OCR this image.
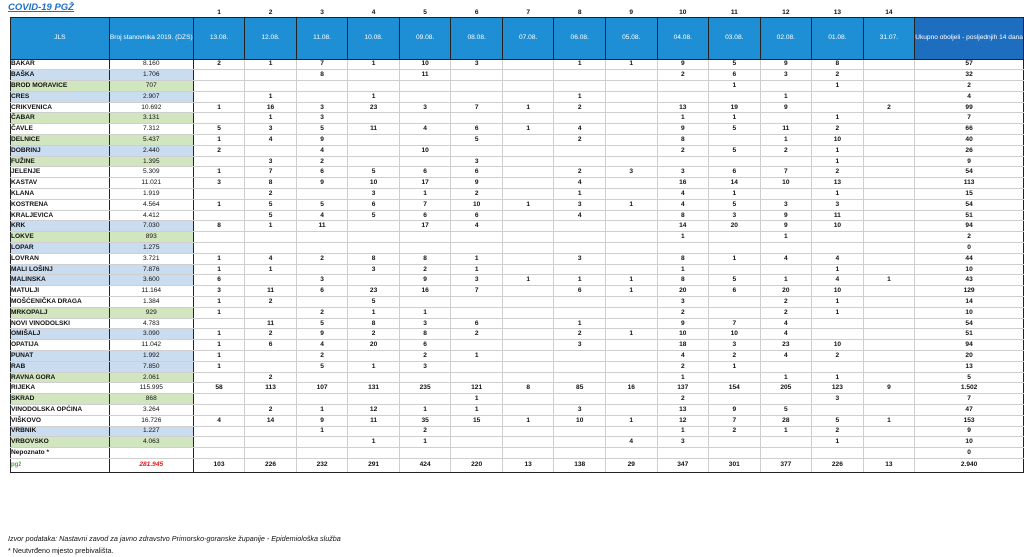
COVID-19 PGŽ
			1	2	3	4	5	6	7	8	9	10	11	12	13	14	
JLS	Broj stanovnika 2019. (DZS)	13.08.	12.08.	11.08.	10.08.	09.08.	08.08.	07.08.	06.08.	05.08.	04.08.	03.08.	02.08.	01.08.	31.07.	Ukupno oboljeli - posljednjih 14 dana
BAKAR	8.160	2	1	7	1	10	3		1	1	9	5	9	8		57
BAŠKA	1.706			8		11					2	6	3	2		32
BROD MORAVICE	707											1		1		2
CRES	2.907		1		1				1				1			4
CRIKVENICA	10.692	1	16	3	23	3	7	1	2		13	19	9		2	99
ČABAR	3.131		1	3							1	1		1		7
ČAVLE	7.312	5	3	5	11	4	6	1	4		9	5	11	2		66
DELNICE	5.437	1	4	9			5		2		8		1	10		40
DOBRINJ	2.440	2		4		10					2	5	2	1		26
FUŽINE	1.395		3	2			3							1		9
JELENJE	5.309	1	7	6	5	6	6		2	3	3	6	7	2		54
KASTAV	11.021	3	8	9	10	17	9		4		16	14	10	13		113
KLANA	1.919		2		3	1	2		1		4	1		1		15
KOSTRENA	4.564	1	5	5	6	7	10	1	3	1	4	5	3	3		54
KRALJEVICA	4.412		5	4	5	6	6		4		8	3	9	11		51
KRK	7.030	8	1	11		17	4				14	20	9	10		94
LOKVE	893										1		1			2
LOPAR	1.275															0
LOVRAN	3.721	1	4	2	8	8	1		3		8	1	4	4		44
MALI LOŠINJ	7.876	1	1		3	2	1				1			1		10
MALINSKA	3.600	6		3		9	3	1	1	1	8	5	1	4	1	43
MATULJI	11.164	3	11	6	23	16	7		6	1	20	6	20	10		129
MOŠĆENIČKA DRAGA	1.384	1	2		5						3		2	1		14
MRKOPALJ	929	1		2	1	1					2		2	1		10
NOVI VINODOLSKI	4.783		11	5	8	3	6		1		9	7	4			54
OMIŠALJ	3.090	1	2	9	2	8	2		2	1	10	10	4			51
OPATIJA	11.042	1	6	4	20	6			3		18	3	23	10		94
PUNAT	1.992	1		2		2	1				4	2	4	2		20
RAB	7.850	1		5	1	3					2	1				13
RAVNA GORA	2.061		2								1		1	1		5
RIJEKA	115.995	58	113	107	131	235	121	8	85	16	137	154	205	123	9	1.502
SKRAD	868						1				2			3		7
VINODOLSKA OPĆINA	3.264		2	1	12	1	1		3		13	9	5			47
VIŠKOVO	16.726	4	14	9	11	35	15	1	10	1	12	7	28	5	1	153
VRBNIK	1.227			1		2					1	2	1	2		9
VRBOVSKO	4.063				1	1				4	3			1		10
Nepoznato *																0
pgž	281.945	103	226	232	291	424	220	13	138	29	347	301	377	226	13	2.940
Izvor podataka: Nastavni zavod za javno zdravstvo Primorsko-goranske županije - Epidemiološka služba
* Neutvrđeno mjesto prebivališta.
